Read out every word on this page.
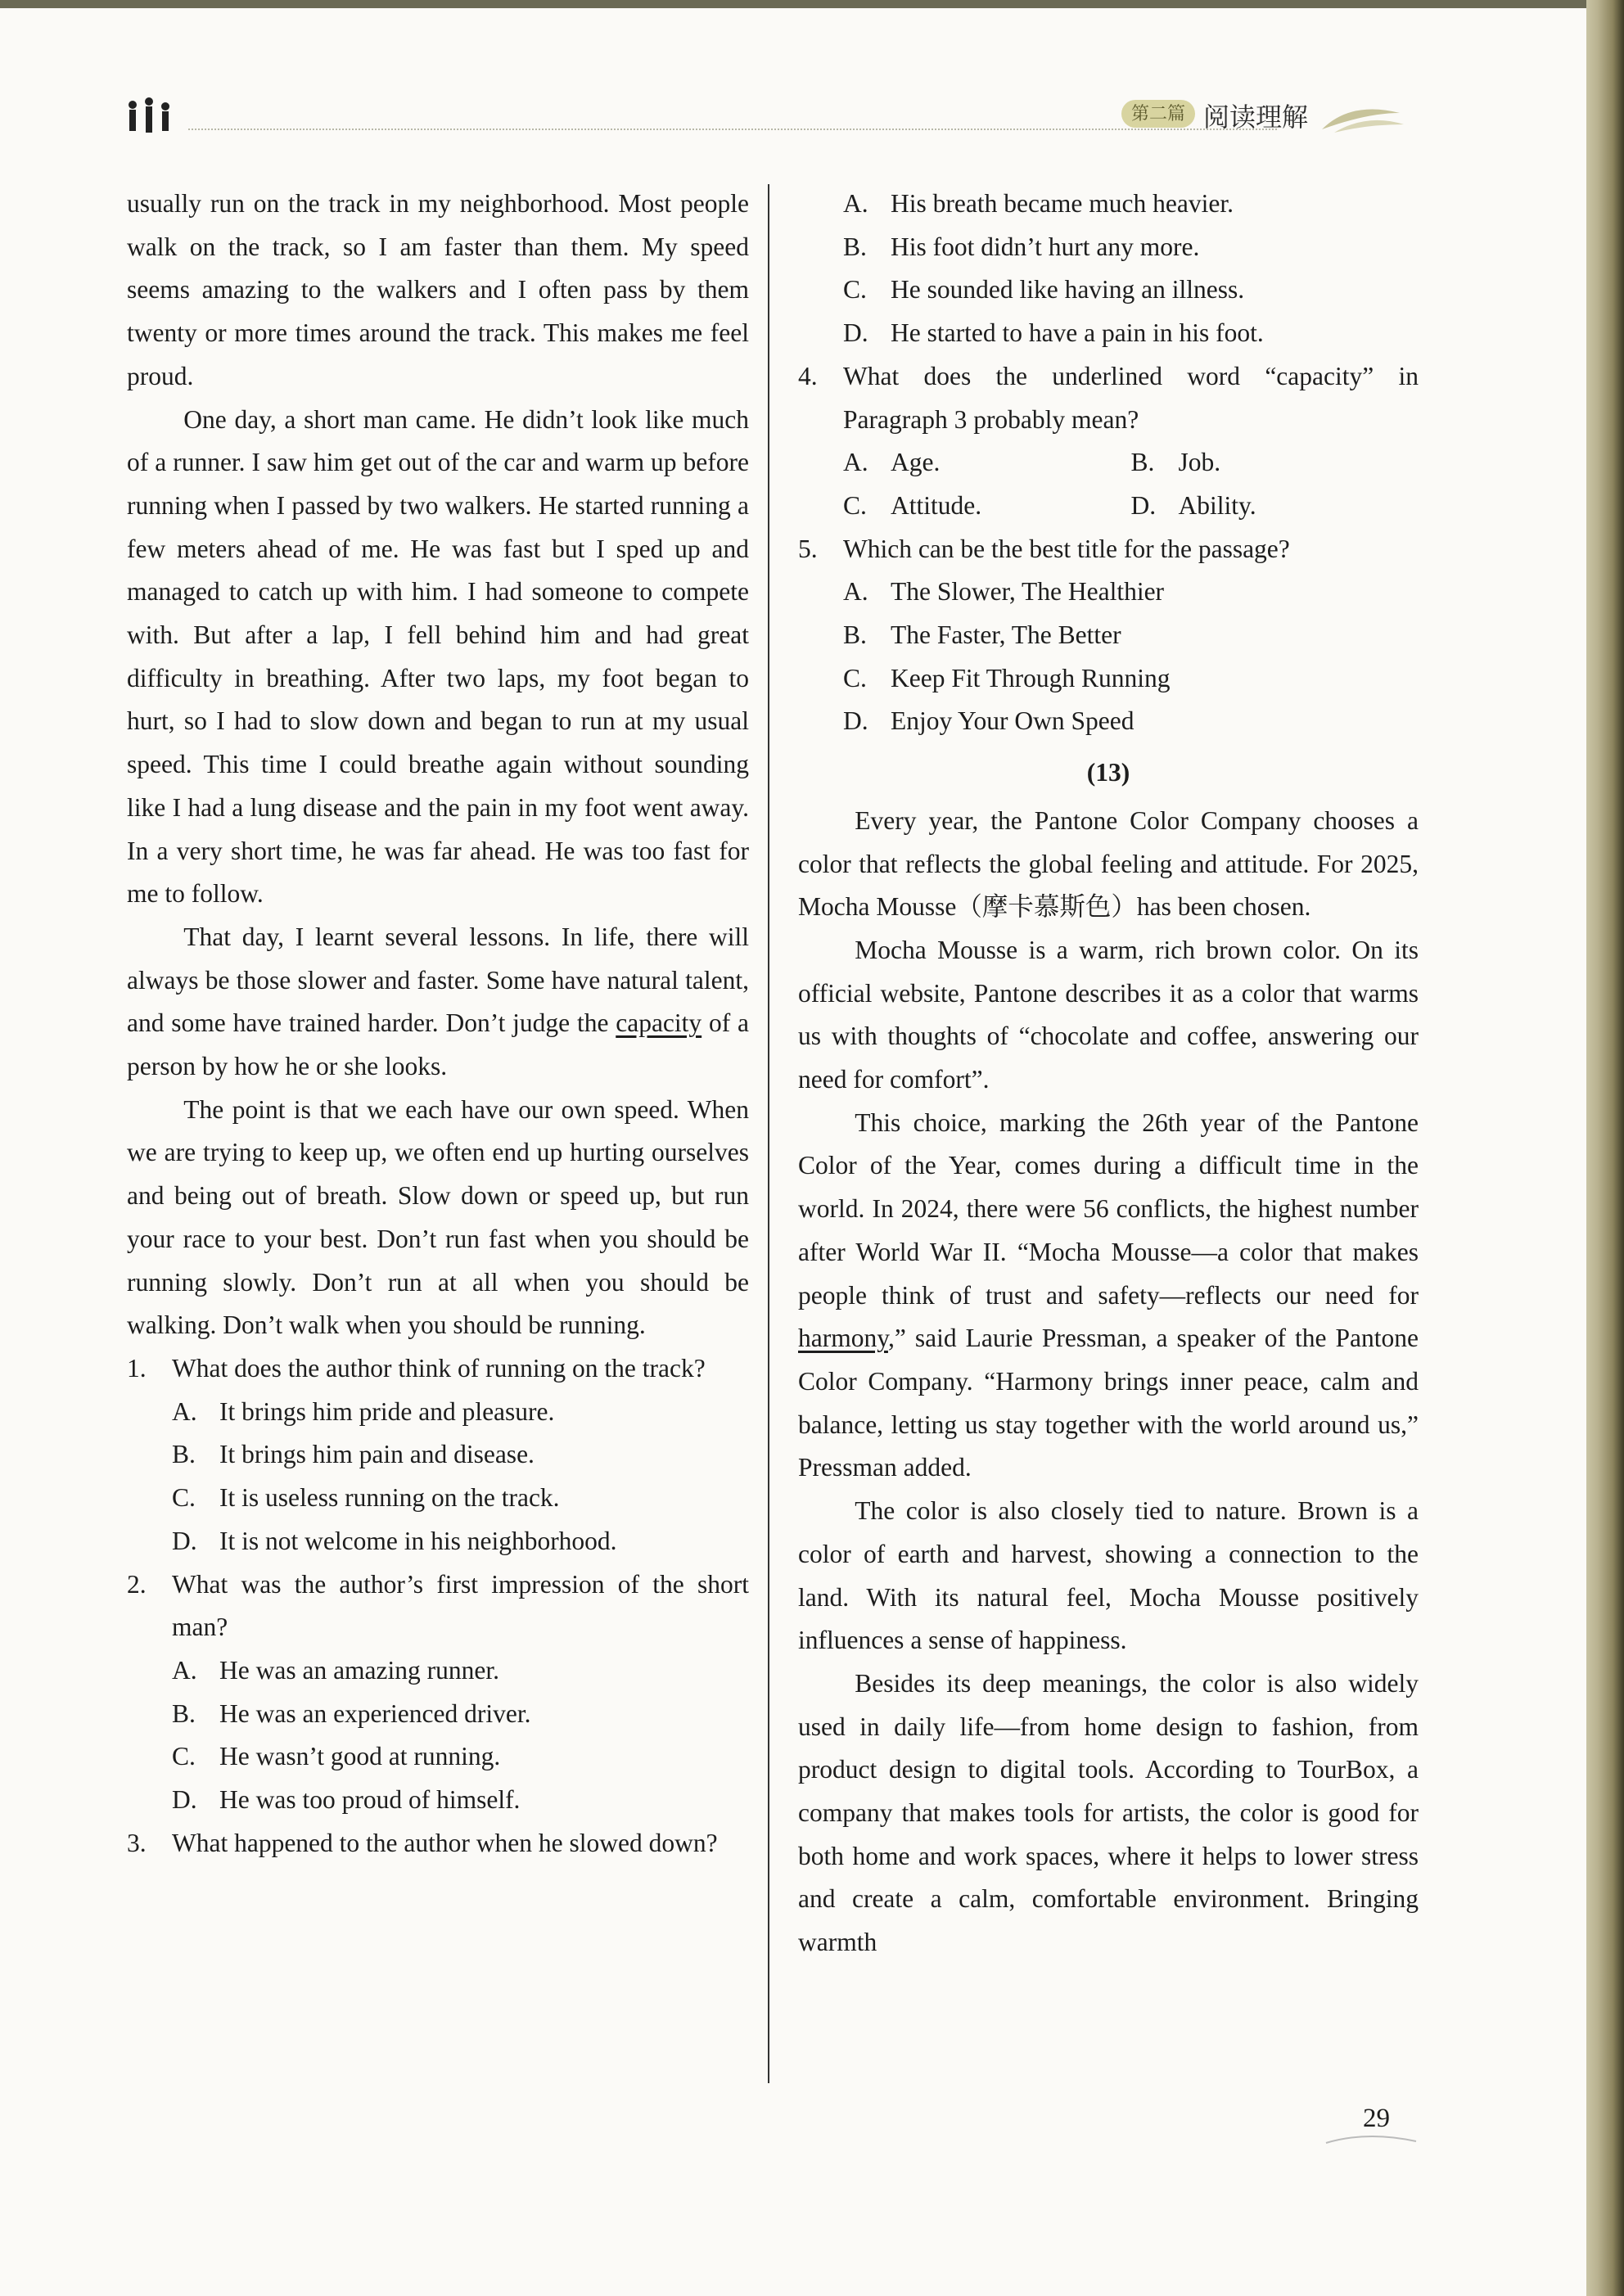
第二篇 阅读理解

usually run on the track in my neighborhood. Most people walk on the track, so I am faster than them. My speed seems amazing to the walkers and I often pass by them twenty or more times around the track. This makes me feel proud.

One day, a short man came. He didn’t look like much of a runner. I saw him get out of the car and warm up before running when I passed by two walkers. He started running a few meters ahead of me. He was fast but I sped up and managed to catch up with him. I had someone to compete with. But after a lap, I fell behind him and had great difficulty in breathing. After two laps, my foot began to hurt, so I had to slow down and began to run at my usual speed. This time I could breathe again without sounding like I had a lung disease and the pain in my foot went away. In a very short time, he was far ahead. He was too fast for me to follow.

That day, I learnt several lessons. In life, there will always be those slower and faster. Some have natural talent, and some have trained harder. Don’t judge the capacity of a person by how he or she looks.

The point is that we each have our own speed. When we are trying to keep up, we often end up hurting ourselves and being out of breath. Slow down or speed up, but run your race to your best. Don’t run fast when you should be running slowly. Don’t run at all when you should be walking. Don’t walk when you should be running.

1. What does the author think of running on the track?
A. It brings him pride and pleasure.
B. It brings him pain and disease.
C. It is useless running on the track.
D. It is not welcome in his neighborhood.
2. What was the author’s first impression of the short man?
A. He was an amazing runner.
B. He was an experienced driver.
C. He wasn’t good at running.
D. He was too proud of himself.
3. What happened to the author when he slowed down?
A. His breath became much heavier.
B. His foot didn’t hurt any more.
C. He sounded like having an illness.
D. He started to have a pain in his foot.
4. What does the underlined word “capacity” in Paragraph 3 probably mean?
A. Age.	B. Job.
C. Attitude.	D. Ability.
5. Which can be the best title for the passage?
A. The Slower, The Healthier
B. The Faster, The Better
C. Keep Fit Through Running
D. Enjoy Your Own Speed
(13)

Every year, the Pantone Color Company chooses a color that reflects the global feeling and attitude. For 2025, Mocha Mousse（摩卡慕斯色）has been chosen.

Mocha Mousse is a warm, rich brown color. On its official website, Pantone describes it as a color that warms us with thoughts of “chocolate and coffee, answering our need for comfort”.

This choice, marking the 26th year of the Pantone Color of the Year, comes during a difficult time in the world. In 2024, there were 56 conflicts, the highest number after World War II. “Mocha Mousse—a color that makes people think of trust and safety—reflects our need for harmony,” said Laurie Pressman, a speaker of the Pantone Color Company. “Harmony brings inner peace, calm and balance, letting us stay together with the world around us,” Pressman added.

The color is also closely tied to nature. Brown is a color of earth and harvest, showing a connection to the land. With its natural feel, Mocha Mousse positively influences a sense of happiness.

Besides its deep meanings, the color is also widely used in daily life—from home design to fashion, from product design to digital tools. According to TourBox, a company that makes tools for artists, the color is good for both home and work spaces, where it helps to lower stress and create a calm, comfortable environment. Bringing warmth

29
